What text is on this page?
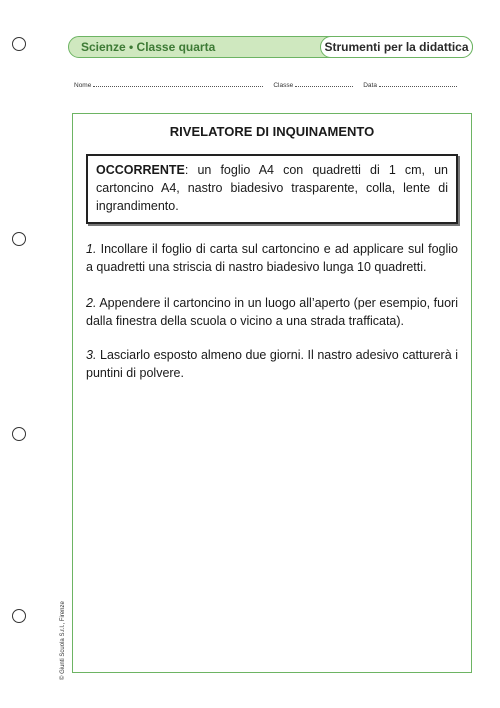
Scienze • Classe quarta	Strumenti per la didattica
Nome	Classe	Data
RIVELATORE DI INQUINAMENTO
OCCORRENTE: un foglio A4 con quadretti di 1 cm, un cartoncino A4, nastro biadesivo trasparente, colla, lente di ingrandimento.
1. Incollare il foglio di carta sul cartoncino e ad applicare sul foglio a quadretti una striscia di nastro biadesivo lunga 10 quadretti.
2. Appendere il cartoncino in un luogo all’aperto (per esempio, fuori dalla finestra della scuola o vicino a una strada trafficata).
3. Lasciarlo esposto almeno due giorni. Il nastro adesivo catturerà i puntini di polvere.
© Giunti Scuola S.r.l., Firenze
